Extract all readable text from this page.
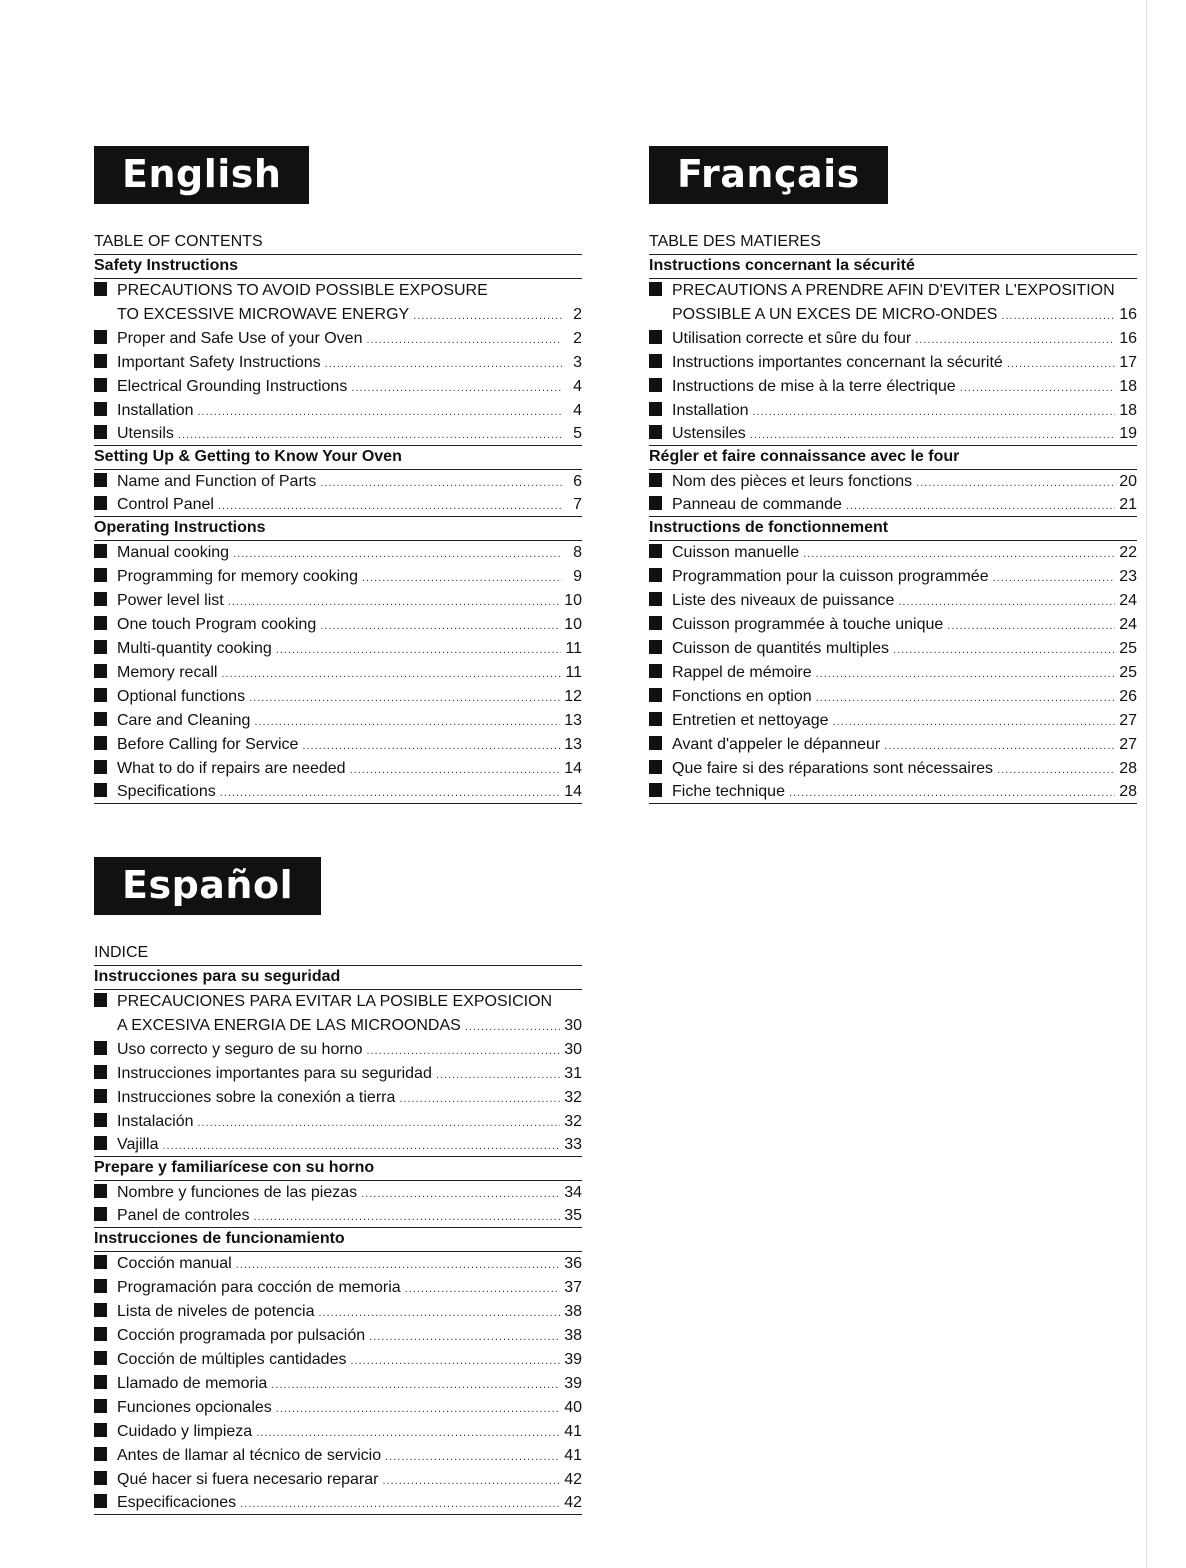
English
TABLE OF CONTENTS
Safety Instructions
PRECAUTIONS TO AVOID POSSIBLE EXPOSURE
TO EXCESSIVE MICROWAVE ENERGY .....	2
Proper and Safe Use of your Oven .....	2
Important Safety Instructions .....	3
Electrical Grounding Instructions .....	4
Installation .....	4
Utensils .....	5
Setting Up & Getting to Know Your Oven
Name and Function of Parts .....	6
Control Panel .....	7
Operating Instructions
Manual cooking .....	8
Programming for memory cooking .....	9
Power level list .....	10
One touch Program cooking .....	10
Multi-quantity cooking .....	11
Memory recall .....	11
Optional functions .....	12
Care and Cleaning .....	13
Before Calling for Service .....	13
What to do if repairs are needed .....	14
Specifications .....	14
Français
TABLE DES MATIERES
Instructions concernant la sécurité
PRECAUTIONS A PRENDRE AFIN D'EVITER L'EXPOSITION
POSSIBLE A UN EXCES DE MICRO-ONDES .....	16
Utilisation correcte et sûre du four .....	16
Instructions importantes concernant la sécurité .....	17
Instructions de mise à la terre électrique .....	18
Installation .....	18
Ustensiles .....	19
Régler et faire connaissance avec le four
Nom des pièces et leurs fonctions .....	20
Panneau de commande .....	21
Instructions de fonctionnement
Cuisson manuelle .....	22
Programmation pour la cuisson programmée .....	23
Liste des niveaux de puissance .....	24
Cuisson programmée à touche unique .....	24
Cuisson de quantités multiples .....	25
Rappel de mémoire .....	25
Fonctions en option .....	26
Entretien et nettoyage .....	27
Avant d'appeler le dépanneur .....	27
Que faire si des réparations sont nécessaires .....	28
Fiche technique .....	28
Español
INDICE
Instrucciones para su seguridad
PRECAUCIONES PARA EVITAR LA POSIBLE EXPOSICION
A EXCESIVA ENERGIA DE LAS MICROONDAS .....	30
Uso correcto y seguro de su horno .....	30
Instrucciones importantes para su seguridad .....	31
Instrucciones sobre la conexión a tierra .....	32
Instalación .....	32
Vajilla .....	33
Prepare y familiarícese con su horno
Nombre y funciones de las piezas .....	34
Panel de controles .....	35
Instrucciones de funcionamiento
Cocción manual .....	36
Programación para cocción de memoria .....	37
Lista de niveles de potencia .....	38
Cocción programada por pulsación .....	38
Cocción de múltiples cantidades .....	39
Llamado de memoria .....	39
Funciones opcionales .....	40
Cuidado y limpieza .....	41
Antes de llamar al técnico de servicio .....	41
Qué hacer si fuera necesario reparar .....	42
Especificaciones .....	42
